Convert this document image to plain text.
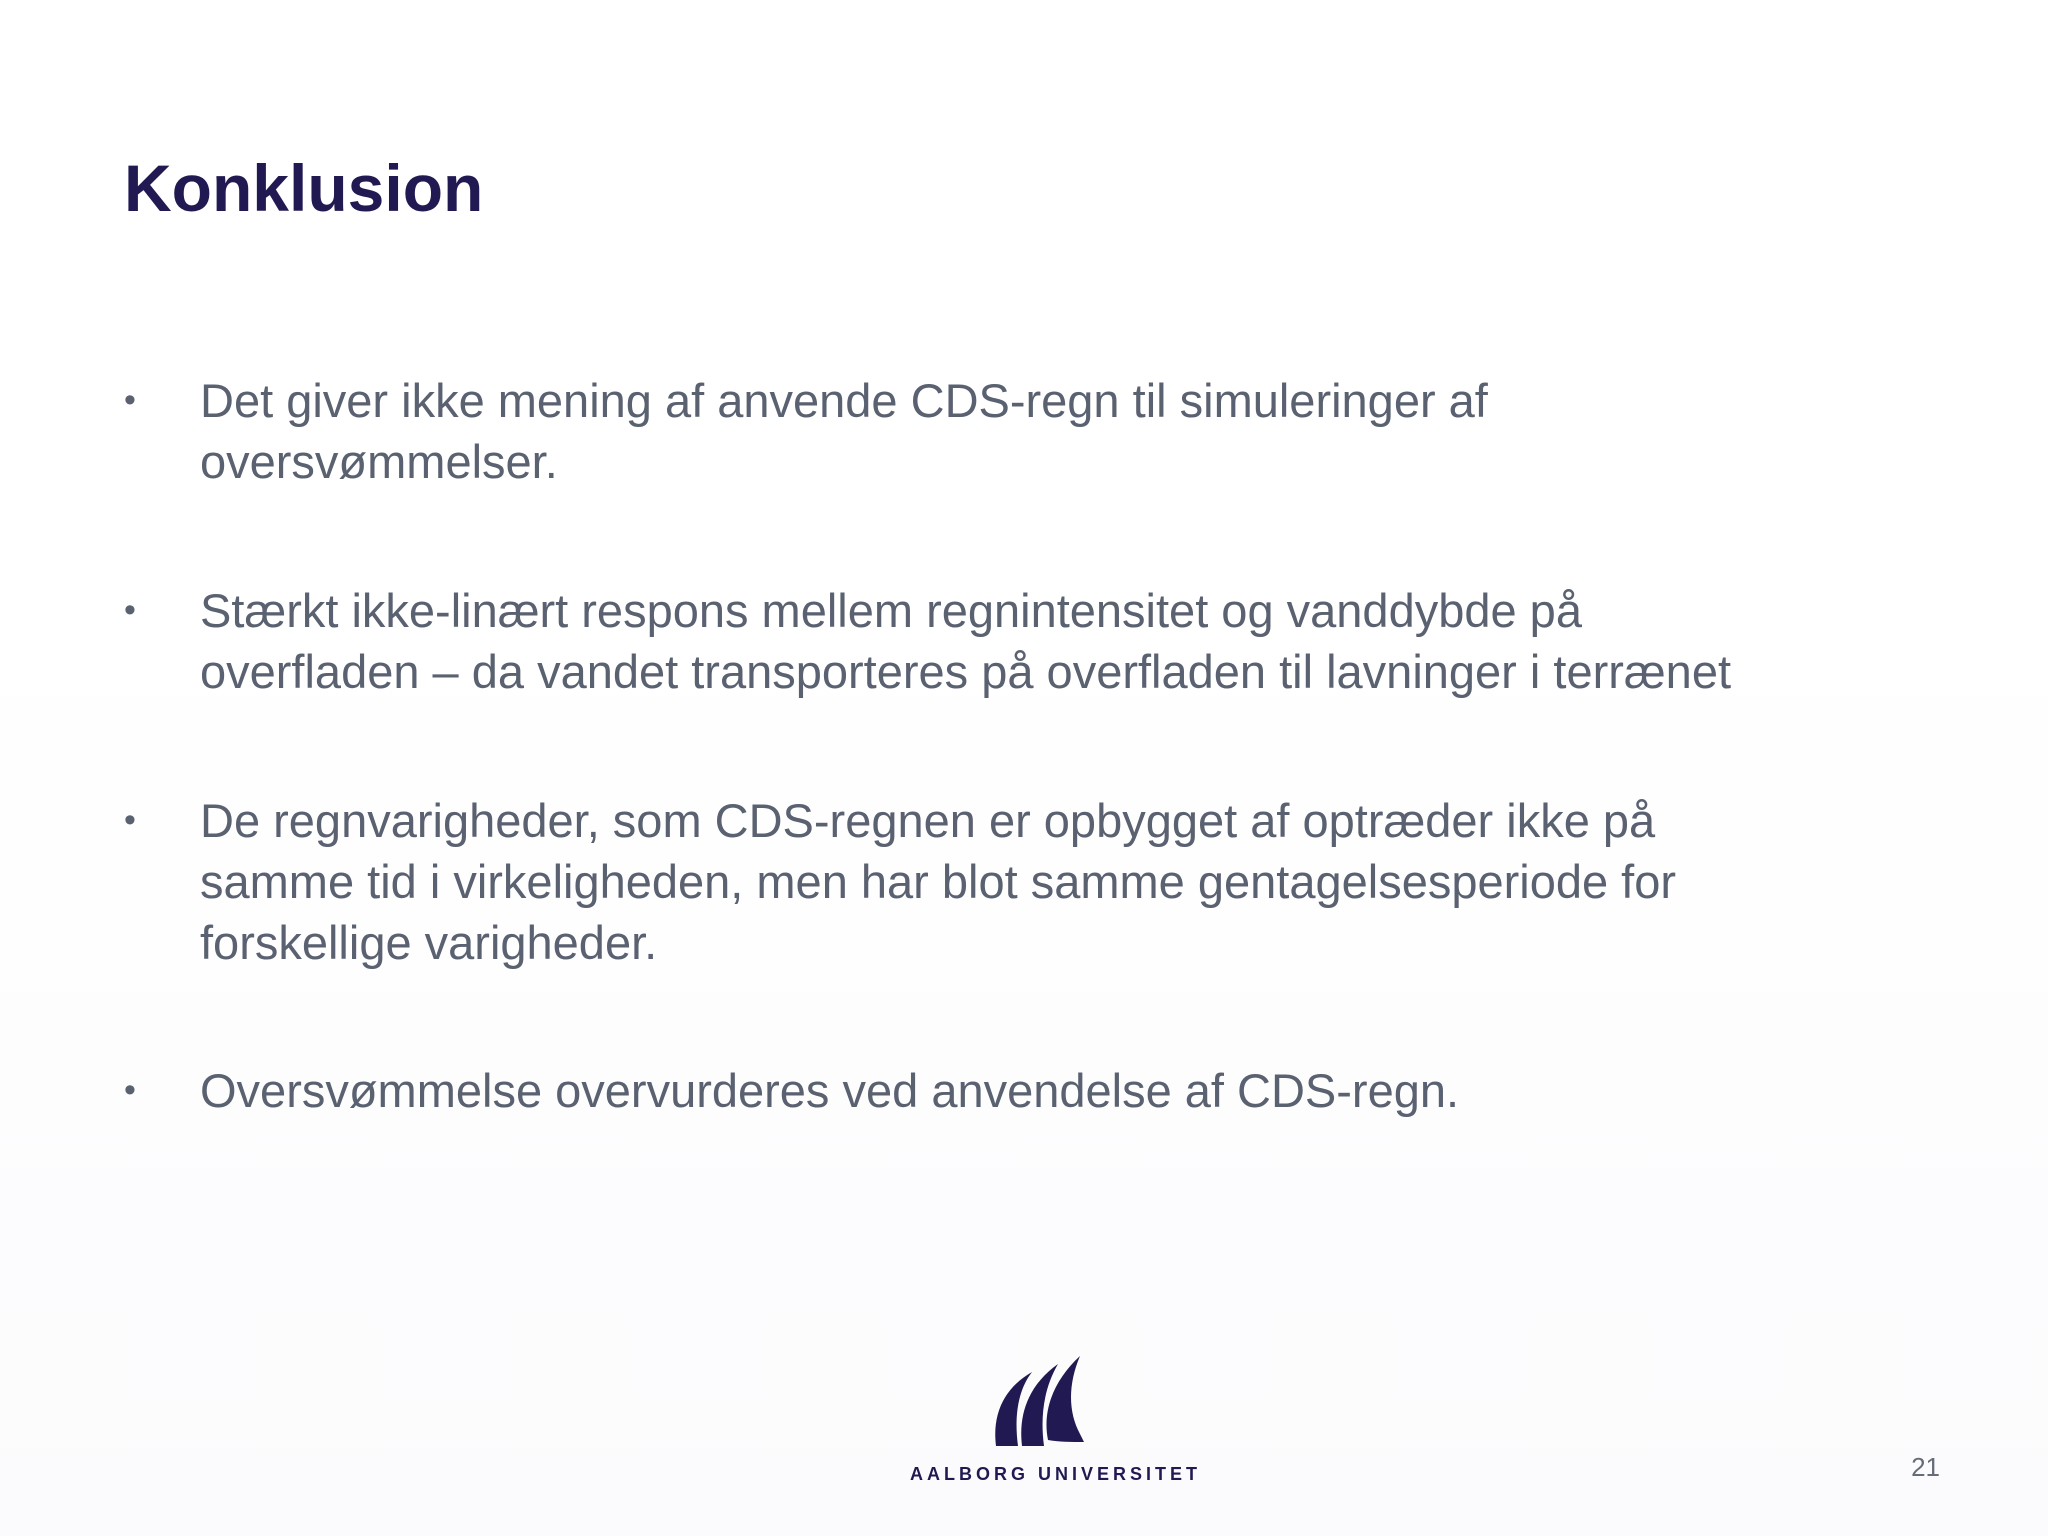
Konklusion
•	Det giver ikke mening af anvende CDS-regn til simuleringer af
oversvømmelser.
•	Stærkt ikke-linært respons mellem regnintensitet og vanddybde på
overfladen – da vandet transporteres på overfladen til lavninger i terrænet
•	De regnvarigheder, som CDS-regnen er opbygget af optræder ikke på
samme tid i virkeligheden, men har blot samme gentagelsesperiode for
forskellige varigheder.
•	Oversvømmelse overvurderes ved anvendelse af CDS-regn.
AALBORG UNIVERSITET	21
